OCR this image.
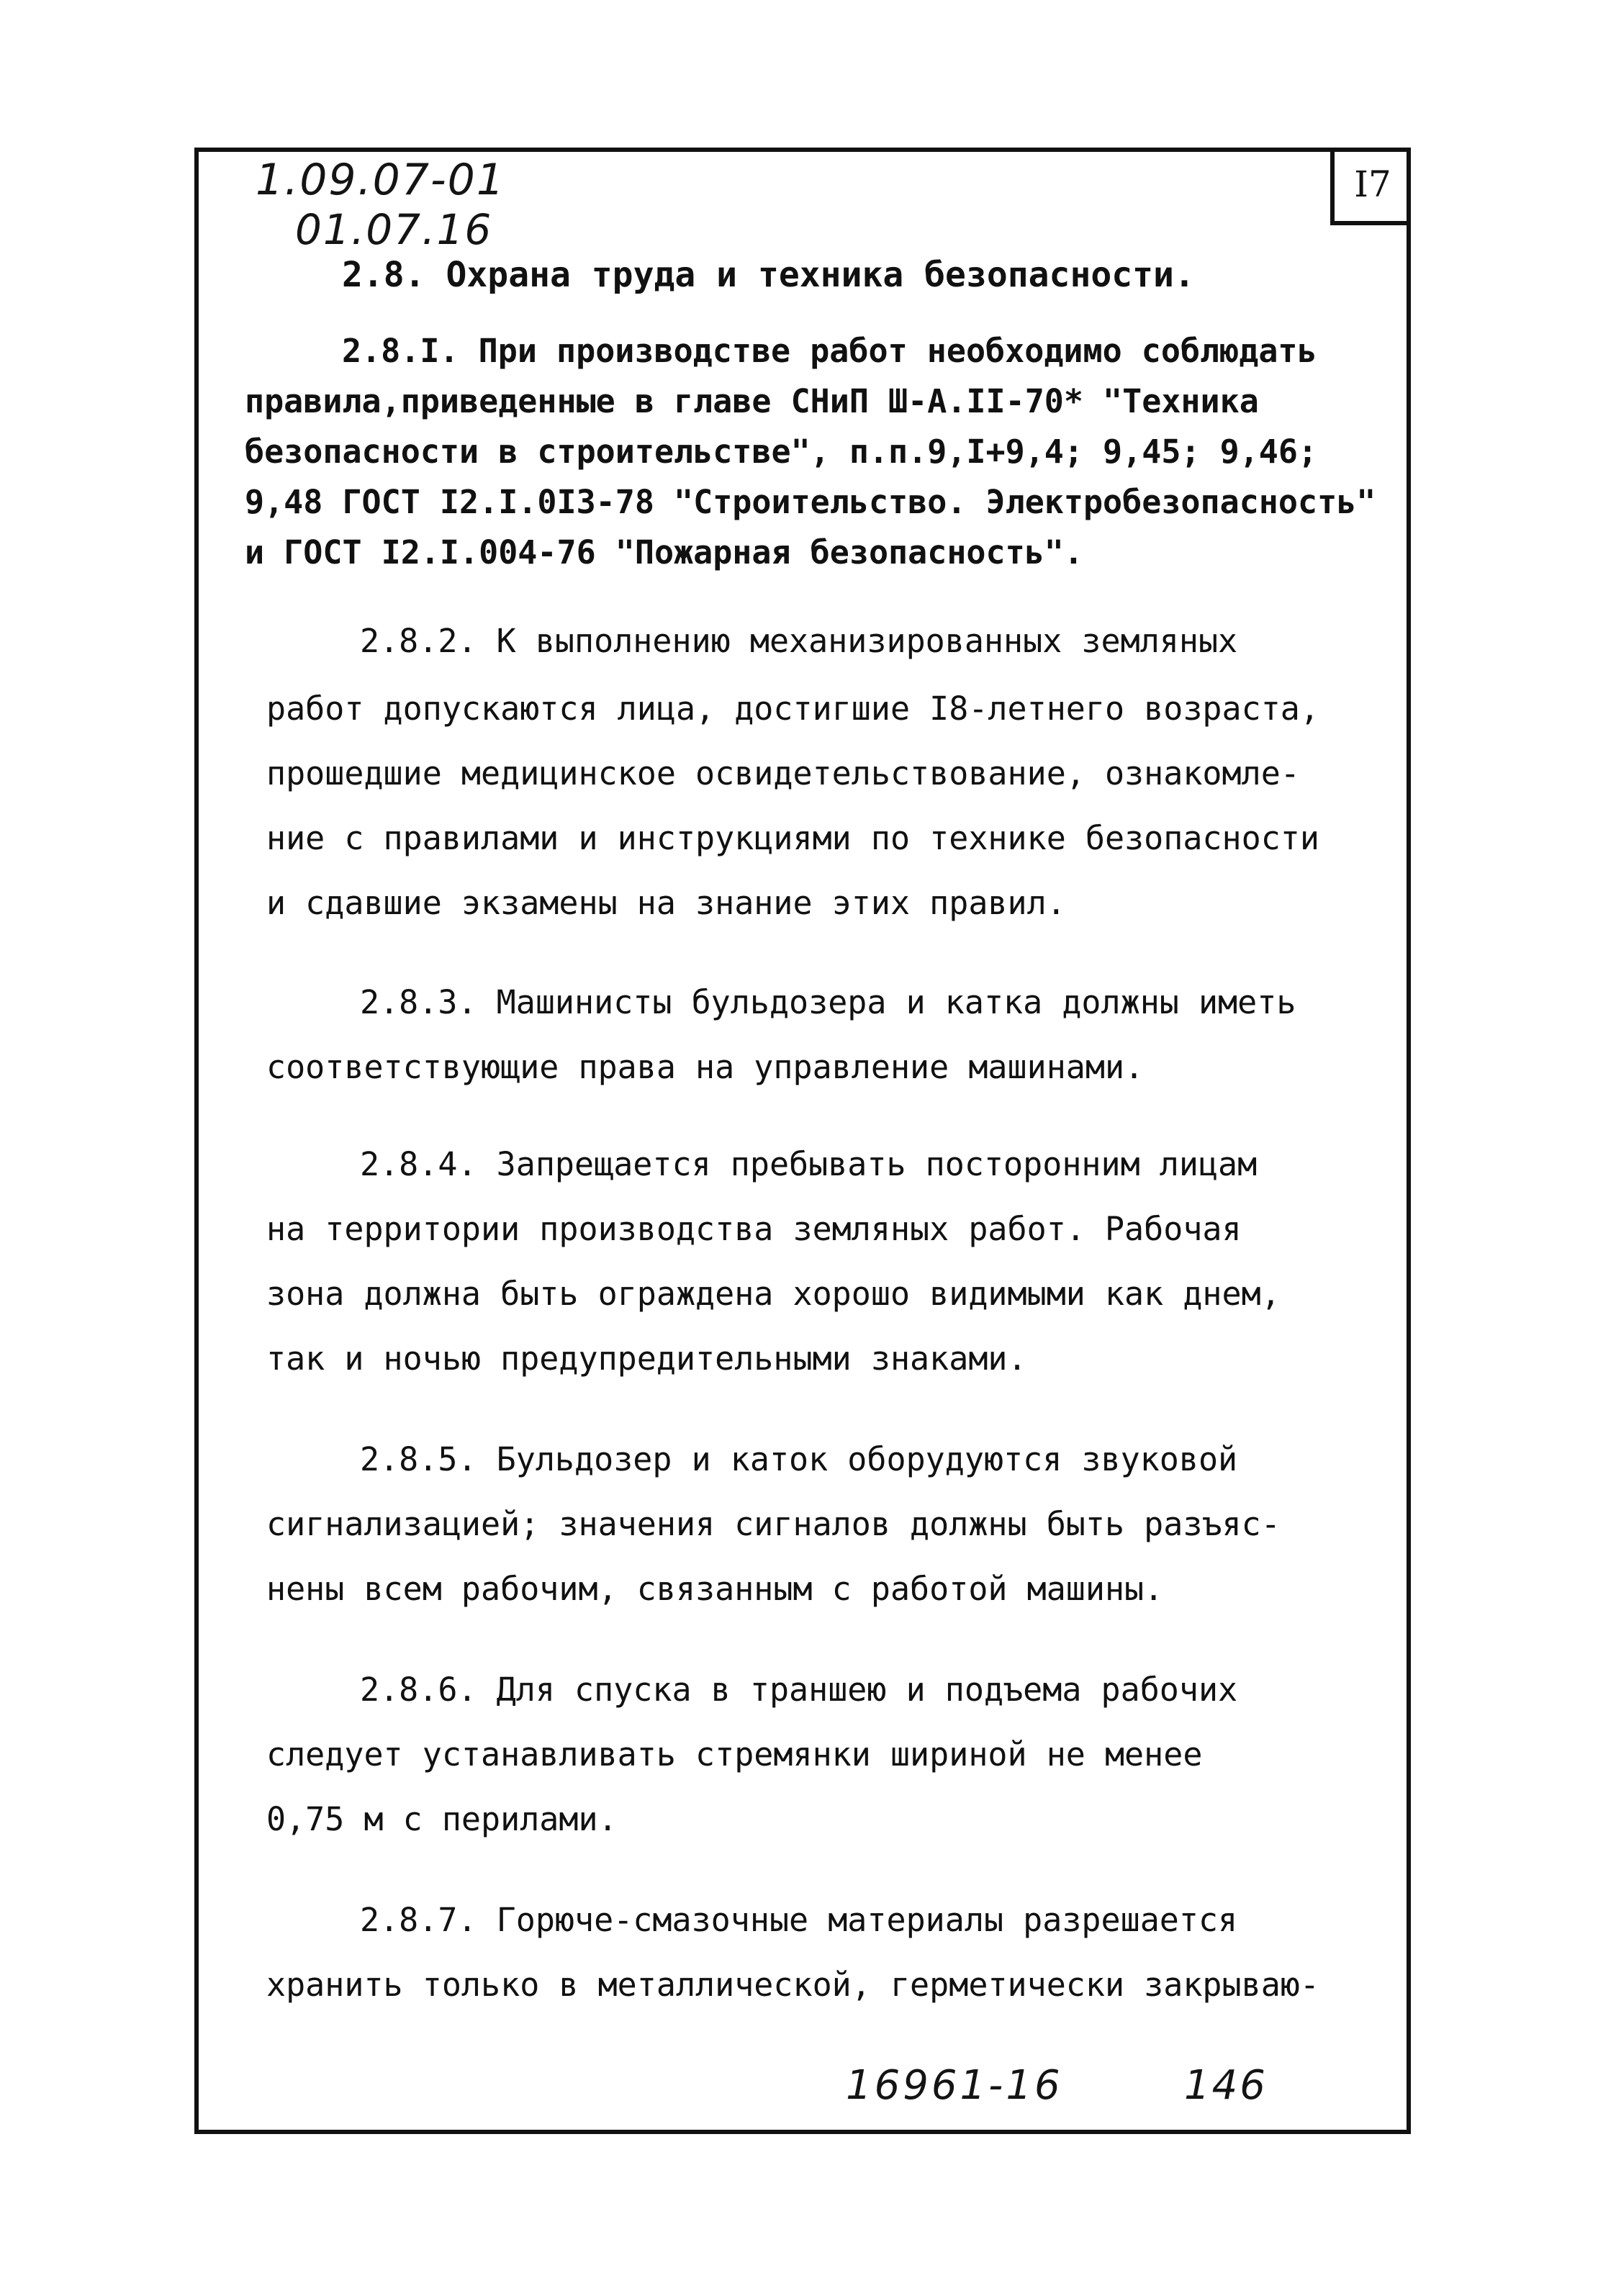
I7
1.09.07-01
01.07.16
2.8. Охрана труда и техника безопасности.
2.8.I. При производстве работ необходимо соблюдать
правила,приведенные в главе СНиП Ш-А.II-70* "Техника
безопасности в строительстве", п.п.9,I+9,4; 9,45; 9,46;
9,48 ГОСТ I2.I.0I3-78 "Строительство. Электробезопасность"
и ГОСТ I2.I.004-76 "Пожарная безопасность".
2.8.2. К выполнению механизированных земляных
работ допускаются лица, достигшие I8-летнего возраста,
прошедшие медицинское освидетельствование, ознакомле-
ние с правилами и инструкциями по технике безопасности
и сдавшие экзамены на знание этих правил.
2.8.3. Машинисты бульдозера и катка должны иметь
соответствующие права на управление машинами.
2.8.4. Запрещается пребывать посторонним лицам
на территории производства земляных работ. Рабочая
зона должна быть ограждена хорошо видимыми как днем,
так и ночью предупредительными знаками.
2.8.5. Бульдозер и каток оборудуются звуковой
сигнализацией; значения сигналов должны быть разъяс-
нены всем рабочим, связанным с работой машины.
2.8.6. Для спуска в траншею и подъема рабочих
следует устанавливать стремянки шириной не менее
0,75 м с перилами.
2.8.7. Горюче-смазочные материалы разрешается
хранить только в металлической, герметически закрываю-
16961-16	146
